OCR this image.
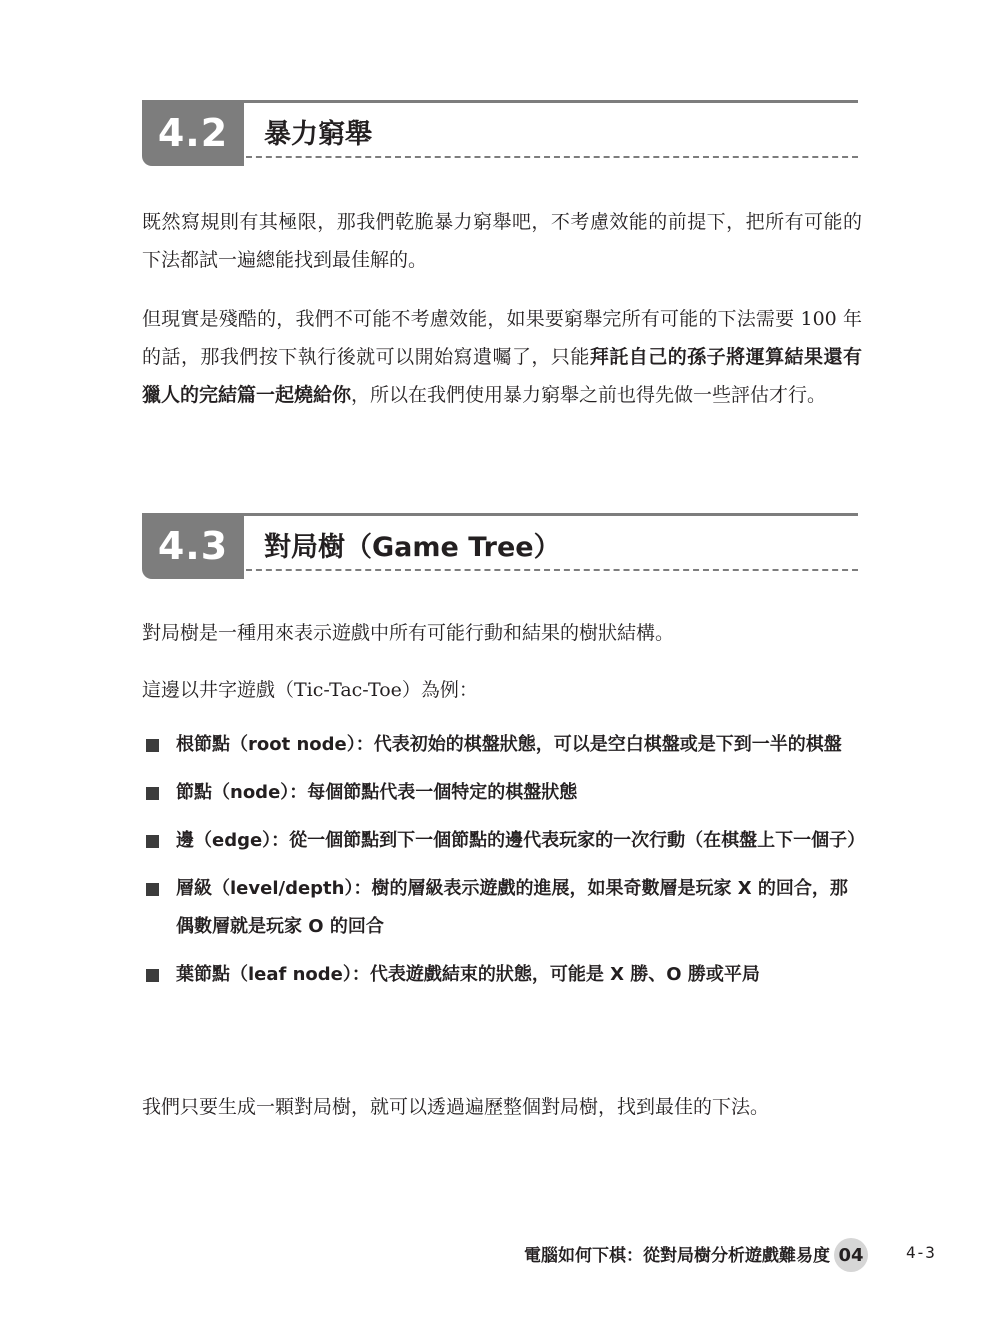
4.2	暴力窮舉

既然寫規則有其極限，那我們乾脆暴力窮舉吧，不考慮效能的前提下，把所有可能的下法都試一遍總能找到最佳解的。

但現實是殘酷的，我們不可能不考慮效能，如果要窮舉完所有可能的下法需要 100 年的話，那我們按下執行後就可以開始寫遺囑了，只能拜託自己的孫子將運算結果還有獵人的完結篇一起燒給你，所以在我們使用暴力窮舉之前也得先做一些評估才行。

4.3	對局樹（Game Tree）

對局樹是一種用來表示遊戲中所有可能行動和結果的樹狀結構。

這邊以井字遊戲（Tic-Tac-Toe）為例：

根節點（root node）：代表初始的棋盤狀態，可以是空白棋盤或是下到一半的棋盤
節點（node）：每個節點代表一個特定的棋盤狀態
邊（edge）：從一個節點到下一個節點的邊代表玩家的一次行動（在棋盤上下一個子）
層級（level/depth）：樹的層級表示遊戲的進展，如果奇數層是玩家 X 的回合，那偶數層就是玩家 O 的回合
葉節點（leaf node）：代表遊戲結束的狀態，可能是 X 勝、O 勝或平局

我們只要生成一顆對局樹，就可以透過遍歷整個對局樹，找到最佳的下法。

電腦如何下棋：從對局樹分析遊戲難易度 04	4-3
